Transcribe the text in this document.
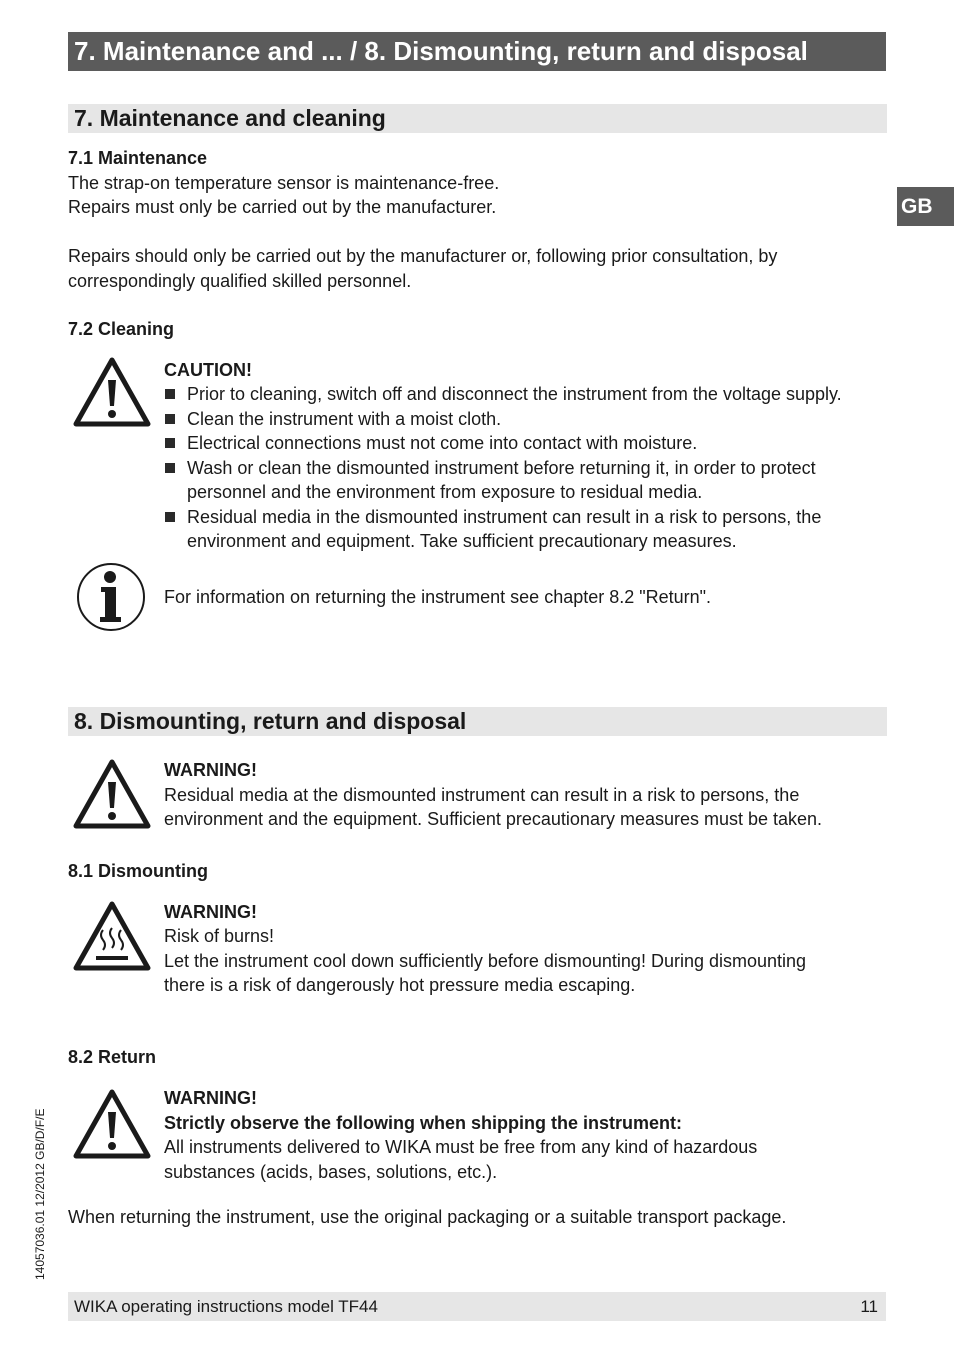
7. Maintenance and ... / 8. Dismounting, return and disposal
GB
7. Maintenance and cleaning
7.1 Maintenance
The strap-on temperature sensor is maintenance-free.
Repairs must only be carried out by the manufacturer.
Repairs should only be carried out by the manufacturer or, following prior consultation, by
correspondingly qualified skilled personnel.
7.2 Cleaning
CAUTION!
Prior to cleaning, switch off and disconnect the instrument from the voltage supply.
Clean the instrument with a moist cloth.
Electrical connections must not come into contact with moisture.
Wash or clean the dismounted instrument before returning it, in order to protect personnel and the environment from exposure to residual media.
Residual media in the dismounted instrument can result in a risk to persons, the environment and equipment. Take sufficient precautionary measures.
For information on returning the instrument see chapter 8.2 "Return".
8. Dismounting, return and disposal
WARNING!
Residual media at the dismounted instrument can result in a risk to persons, the
environment and the equipment. Sufficient precautionary measures must be taken.
8.1 Dismounting
WARNING!
Risk of burns!
Let the instrument cool down sufficiently before dismounting! During dismounting
there is a risk of dangerously hot pressure media escaping.
8.2 Return
WARNING!
Strictly observe the following when shipping the instrument:
All instruments delivered to WIKA must be free from any kind of hazardous
substances (acids, bases, solutions, etc.).
When returning the instrument, use the original packaging or a suitable transport package.
14057036.01 12/2012 GB/D/F/E
WIKA operating instructions model TF44	11
